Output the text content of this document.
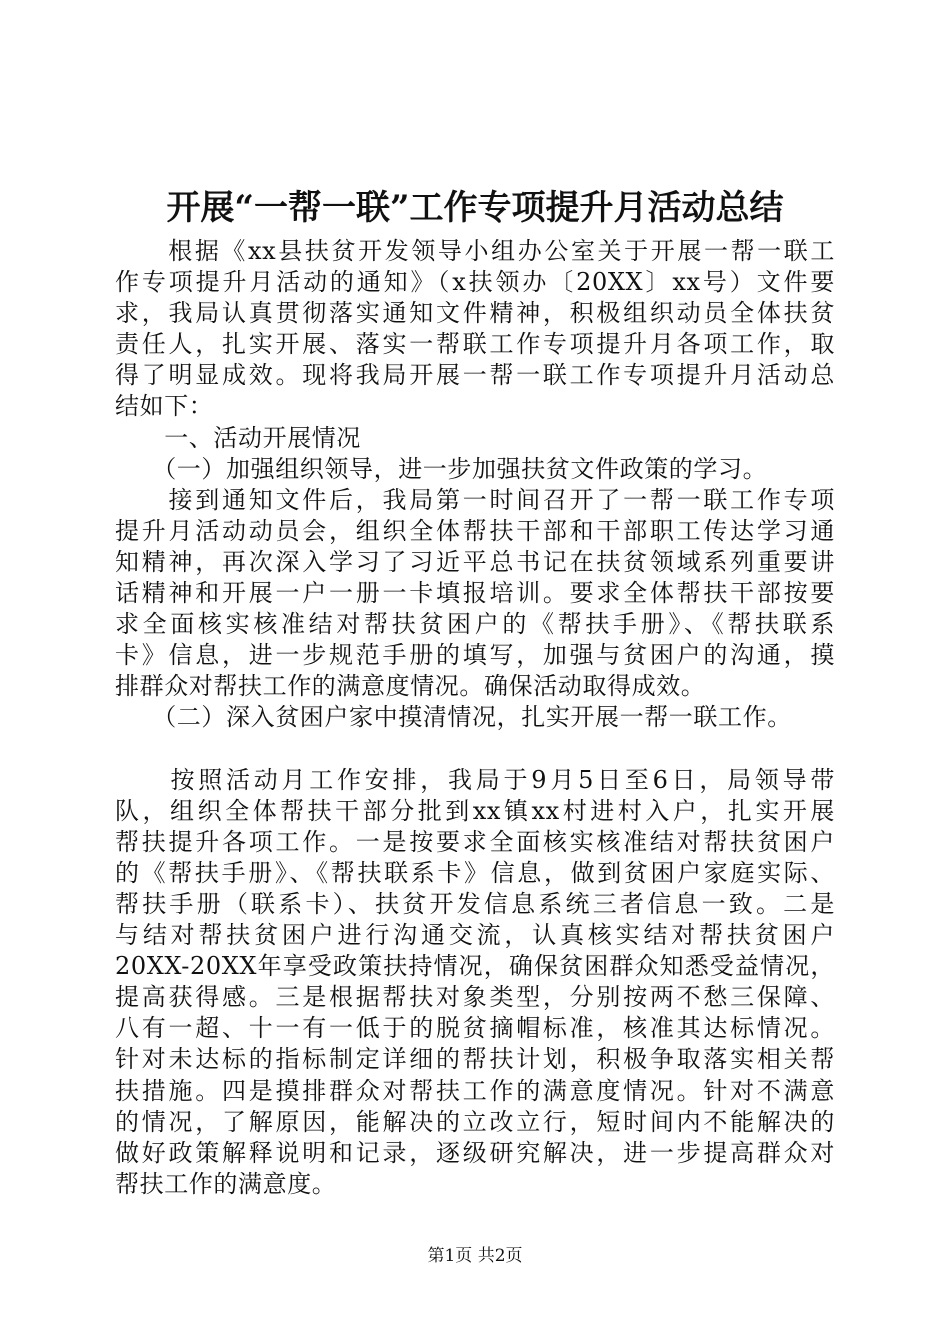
开展“一帮一联”工作专项提升月活动总结
　　根据《xx县扶贫开发领导小组办公室关于开展一帮一联工
作专项提升月活动的通知》（x扶领办〔20XX〕xx号）文件要
求，我局认真贯彻落实通知文件精神，积极组织动员全体扶贫
责任人，扎实开展、落实一帮联工作专项提升月各项工作，取
得了明显成效。现将我局开展一帮一联工作专项提升月活动总
结如下：
　　一、活动开展情况
　　（一）加强组织领导，进一步加强扶贫文件政策的学习。
　　接到通知文件后，我局第一时间召开了一帮一联工作专项
提升月活动动员会，组织全体帮扶干部和干部职工传达学习通
知精神，再次深入学习了习近平总书记在扶贫领域系列重要讲
话精神和开展一户一册一卡填报培训。要求全体帮扶干部按要
求全面核实核准结对帮扶贫困户的《帮扶手册》、《帮扶联系
卡》信息，进一步规范手册的填写，加强与贫困户的沟通，摸
排群众对帮扶工作的满意度情况。确保活动取得成效。
　　（二）深入贫困户家中摸清情况，扎实开展一帮一联工作。
　　按照活动月工作安排，我局于9月5日至6日，局领导带
队，组织全体帮扶干部分批到xx镇xx村进村入户，扎实开展
帮扶提升各项工作。一是按要求全面核实核准结对帮扶贫困户
的《帮扶手册》、《帮扶联系卡》信息，做到贫困户家庭实际、
帮扶手册（联系卡）、扶贫开发信息系统三者信息一致。二是
与结对帮扶贫困户进行沟通交流，认真核实结对帮扶贫困户
20XX-20XX年享受政策扶持情况，确保贫困群众知悉受益情况，
提高获得感。三是根据帮扶对象类型，分别按两不愁三保障、
八有一超、十一有一低于的脱贫摘帽标准，核准其达标情况。
针对未达标的指标制定详细的帮扶计划，积极争取落实相关帮
扶措施。四是摸排群众对帮扶工作的满意度情况。针对不满意
的情况，了解原因，能解决的立改立行，短时间内不能解决的
做好政策解释说明和记录，逐级研究解决，进一步提高群众对
帮扶工作的满意度。
第1页 共2页
